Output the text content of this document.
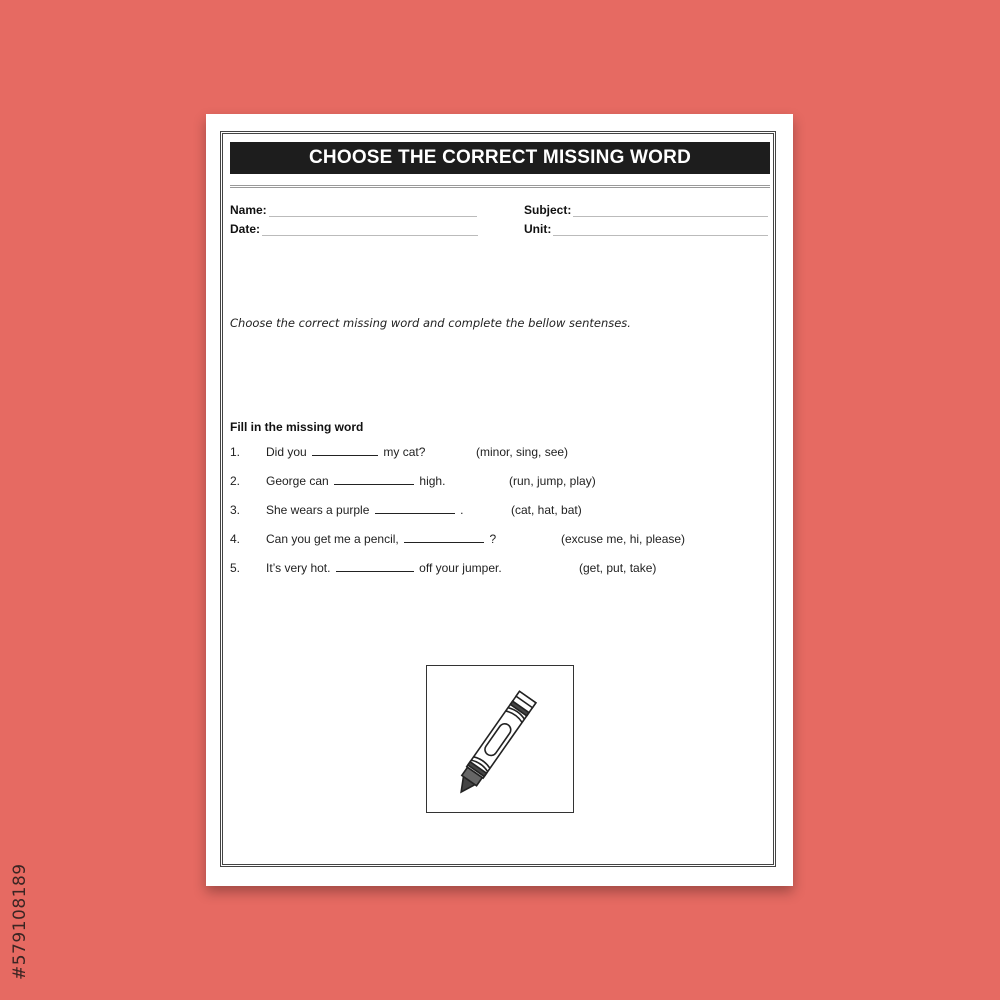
CHOOSE THE CORRECT MISSING WORD
Name:
Date:
Subject:
Unit:
Choose the correct missing word and complete the bellow sentenses.
Fill in the missing word
1. Did you	my cat?	(minor, sing, see)
2. George can	high.	(run, jump, play)
3. She wears a purple	.	(cat, hat, bat)
4. Can you get me a pencil,	?	(excuse me, hi, please)
5. It’s very hot.	off your jumper.	(get, put, take)
#579108189
